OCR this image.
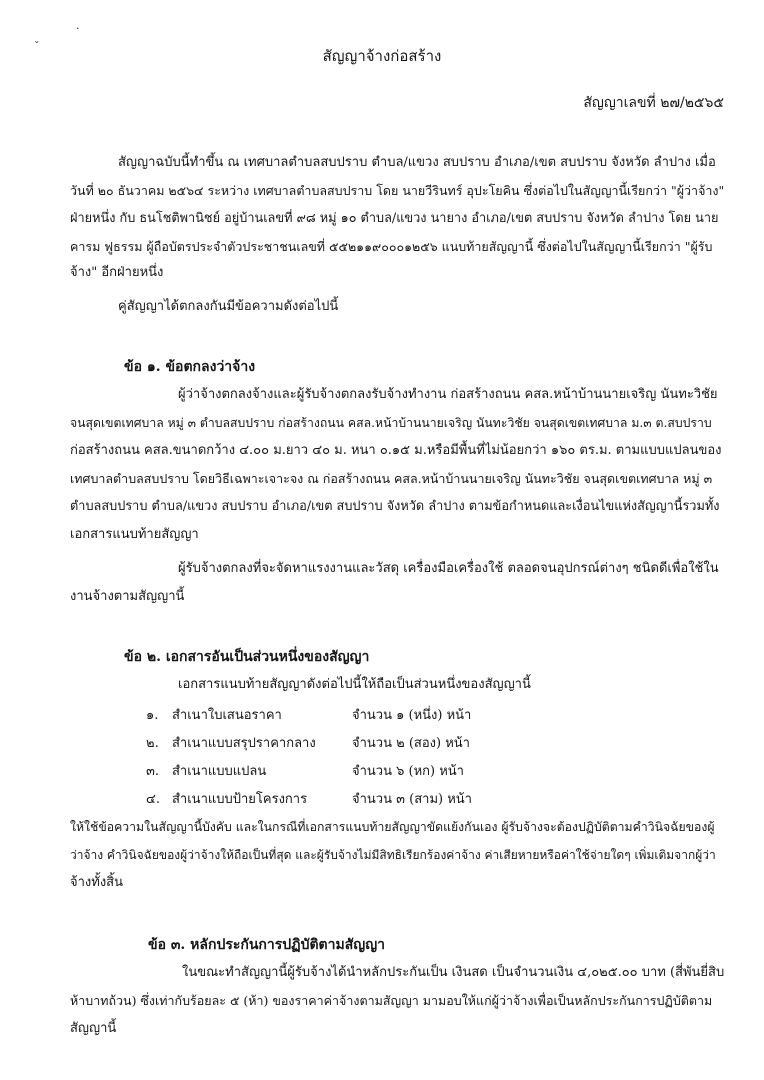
ˇ
·
สัญญาจ้างก่อสร้าง
สัญญาเลขที่ ๒๗/๒๕๖๕
สัญญาฉบับนี้ทำขึ้น ณ เทศบาลตำบลสบปราบ ตำบล/แขวง สบปราบ อำเภอ/เขต สบปราบ จังหวัด ลำปาง เมื่อ
วันที่ ๒๐ ธันวาคม ๒๕๖๔ ระหว่าง เทศบาลตำบลสบปราบ โดย นายวีรินทร์ อุปะโยคิน ซึ่งต่อไปในสัญญานี้เรียกว่า "ผู้ว่าจ้าง"
ฝ่ายหนึ่ง กับ ธนโชติพานิชย์ อยู่บ้านเลขที่ ๙๘ หมู่ ๑๐ ตำบล/แขวง นายาง อำเภอ/เขต สบปราบ จังหวัด ลำปาง โดย นาย
คารม ฟูธรรม ผู้ถือบัตรประจำตัวประชาชนเลขที่ ๕๕๒๑๑๙๐๐๐๑๒๕๖ แนบท้ายสัญญานี้ ซึ่งต่อไปในสัญญานี้เรียกว่า "ผู้รับ
จ้าง" อีกฝ่ายหนึ่ง
คู่สัญญาได้ตกลงกันมีข้อความดังต่อไปนี้
ข้อ ๑. ข้อตกลงว่าจ้าง
ผู้ว่าจ้างตกลงจ้างและผู้รับจ้างตกลงรับจ้างทำงาน ก่อสร้างถนน คสล.หน้าบ้านนายเจริญ นันทะวิชัย
จนสุดเขตเทศบาล หมู่ ๓ ตำบลสบปราบ ก่อสร้างถนน คสล.หน้าบ้านนายเจริญ นันทะวิชัย จนสุดเขตเทศบาล ม.๓ ต.สบปราบ
ก่อสร้างถนน คสล.ขนาดกว้าง ๔.๐๐ ม.ยาว ๔๐ ม. หนา ๐.๑๕ ม.หรือมีพื้นที่ไม่น้อยกว่า ๑๖๐ ตร.ม. ตามแบบแปลนของ
เทศบาลตำบลสบปราบ โดยวิธีเฉพาะเจาะจง ณ ก่อสร้างถนน คสล.หน้าบ้านนายเจริญ นันทะวิชัย จนสุดเขตเทศบาล หมู่ ๓
ตำบลสบปราบ ตำบล/แขวง สบปราบ อำเภอ/เขต สบปราบ จังหวัด ลำปาง ตามข้อกำหนดและเงื่อนไขแห่งสัญญานี้รวมทั้ง
เอกสารแนบท้ายสัญญา
ผู้รับจ้างตกลงที่จะจัดหาแรงงานและวัสดุ เครื่องมือเครื่องใช้ ตลอดจนอุปกรณ์ต่างๆ ชนิดดีเพื่อใช้ใน
งานจ้างตามสัญญานี้
ข้อ ๒. เอกสารอันเป็นส่วนหนึ่งของสัญญา
เอกสารแนบท้ายสัญญาดังต่อไปนี้ให้ถือเป็นส่วนหนึ่งของสัญญานี้
๑. สำเนาใบเสนอราคา	จำนวน ๑ (หนึ่ง) หน้า
๒. สำเนาแบบสรุปราคากลาง	จำนวน ๒ (สอง) หน้า
๓. สำเนาแบบแปลน	จำนวน ๖ (หก) หน้า
๔. สำเนาแบบป้ายโครงการ	จำนวน ๓ (สาม) หน้า
ให้ใช้ข้อความในสัญญานี้บังคับ และในกรณีที่เอกสารแนบท้ายสัญญาขัดแย้งกันเอง ผู้รับจ้างจะต้องปฏิบัติตามคำวินิจฉัยของผู้
ว่าจ้าง คำวินิจฉัยของผู้ว่าจ้างให้ถือเป็นที่สุด และผู้รับจ้างไม่มีสิทธิเรียกร้องค่าจ้าง ค่าเสียหายหรือค่าใช้จ่ายใดๆ เพิ่มเติมจากผู้ว่า
จ้างทั้งสิ้น
ข้อ ๓. หลักประกันการปฏิบัติตามสัญญา
ในขณะทำสัญญานี้ผู้รับจ้างได้นำหลักประกันเป็น เงินสด เป็นจำนวนเงิน ๔,๐๒๕.๐๐ บาท (สี่พันยี่สิบ
ห้าบาทถ้วน) ซึ่งเท่ากับร้อยละ ๕ (ห้า) ของราคาค่าจ้างตามสัญญา มามอบให้แก่ผู้ว่าจ้างเพื่อเป็นหลักประกันการปฏิบัติตาม
สัญญานี้
